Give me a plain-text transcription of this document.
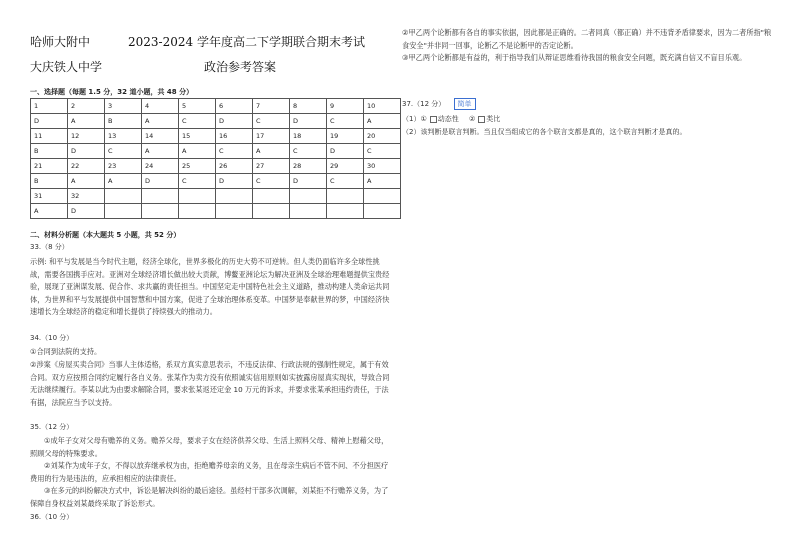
哈师大附中	2023-2024 学年度高二下学期联合期末考试
大庆铁人中学	政治参考答案
一、选择题（每题 1.5 分，32 道小题，共 48 分）
1	2	3	4	5	6	7	8	9	10
D	A	B	A	C	D	C	D	C	A
11	12	13	14	15	16	17	18	19	20
B	D	C	A	A	C	A	C	D	C
21	22	23	24	25	26	27	28	29	30
B	A	A	D	C	D	C	D	C	A
31	32								
A	D								
二、材料分析题（本大题共 5 小题，共 52 分）
33.（8 分）
示例: 和平与发展是当今时代主题，经济全球化，世界多极化的历史大势不可逆转。但人类仍面临许多全球性挑战，需要各国携手应对。亚洲对全球经济增长做出较大贡献，博鳌亚洲论坛为解决亚洲及全球治理难题提供宝贵经验，展现了亚洲谋发展、促合作、求共赢的责任担当。中国坚定走中国特色社会主义道路，推动构建人类命运共同体，为世界和平与发展提供中国智慧和中国方案，促进了全球治理体系变革。中国梦是奉献世界的梦，中国经济快速增长为全球经济的稳定和增长提供了持续强大的推动力。
34.（10 分）
①合同到法院的支持。
②涉案《房屋买卖合同》当事人主体适格，系双方真实意思表示，不违反法律、行政法规的强制性规定，属于有效合同。双方应按照合同约定履行各自义务。张某作为卖方没有依照诚实信用原则如实披露房屋真实现状，导致合同无法继续履行。李某以此为由要求解除合同，要求张某返还定金 10 万元的诉求，并要求张某承担违约责任，于法有据，法院应当予以支持。
35.（12 分）
①成年子女对父母有赡养的义务。赡养父母，要求子女在经济供养父母、生活上照料父母、精神上慰藉父母，照顾父母的特殊要求。
②刘某作为成年子女，不得以放弃继承权为由，拒绝赡养母亲的义务，且在母亲生病后不管不问、不分担医疗费用的行为是违法的，应承担相应的法律责任。
③在多元的纠纷解决方式中，诉讼是解决纠纷的最后途径。虽经村干部多次调解，刘某拒不行赡养义务，为了保障自身权益刘某最终采取了诉讼形式。
36.（10 分）
②甲乙两个论断都有各自的事实依据，因此都是正确的。二者同真（都正确）并不违背矛盾律要求，因为二者所指"粮食安全"并非同一回事，论断乙不是论断甲的否定论断。
③甲乙两个论断都是有益的，利于指导我们从辩证思维看待我国的粮食安全问题，既充满自信又不盲目乐观。
37.（12 分） 简单
（1）① 动态性 ② 类比
（2）该判断是联言判断。当且仅当组成它的各个联言支都是真的，这个联言判断才是真的。
